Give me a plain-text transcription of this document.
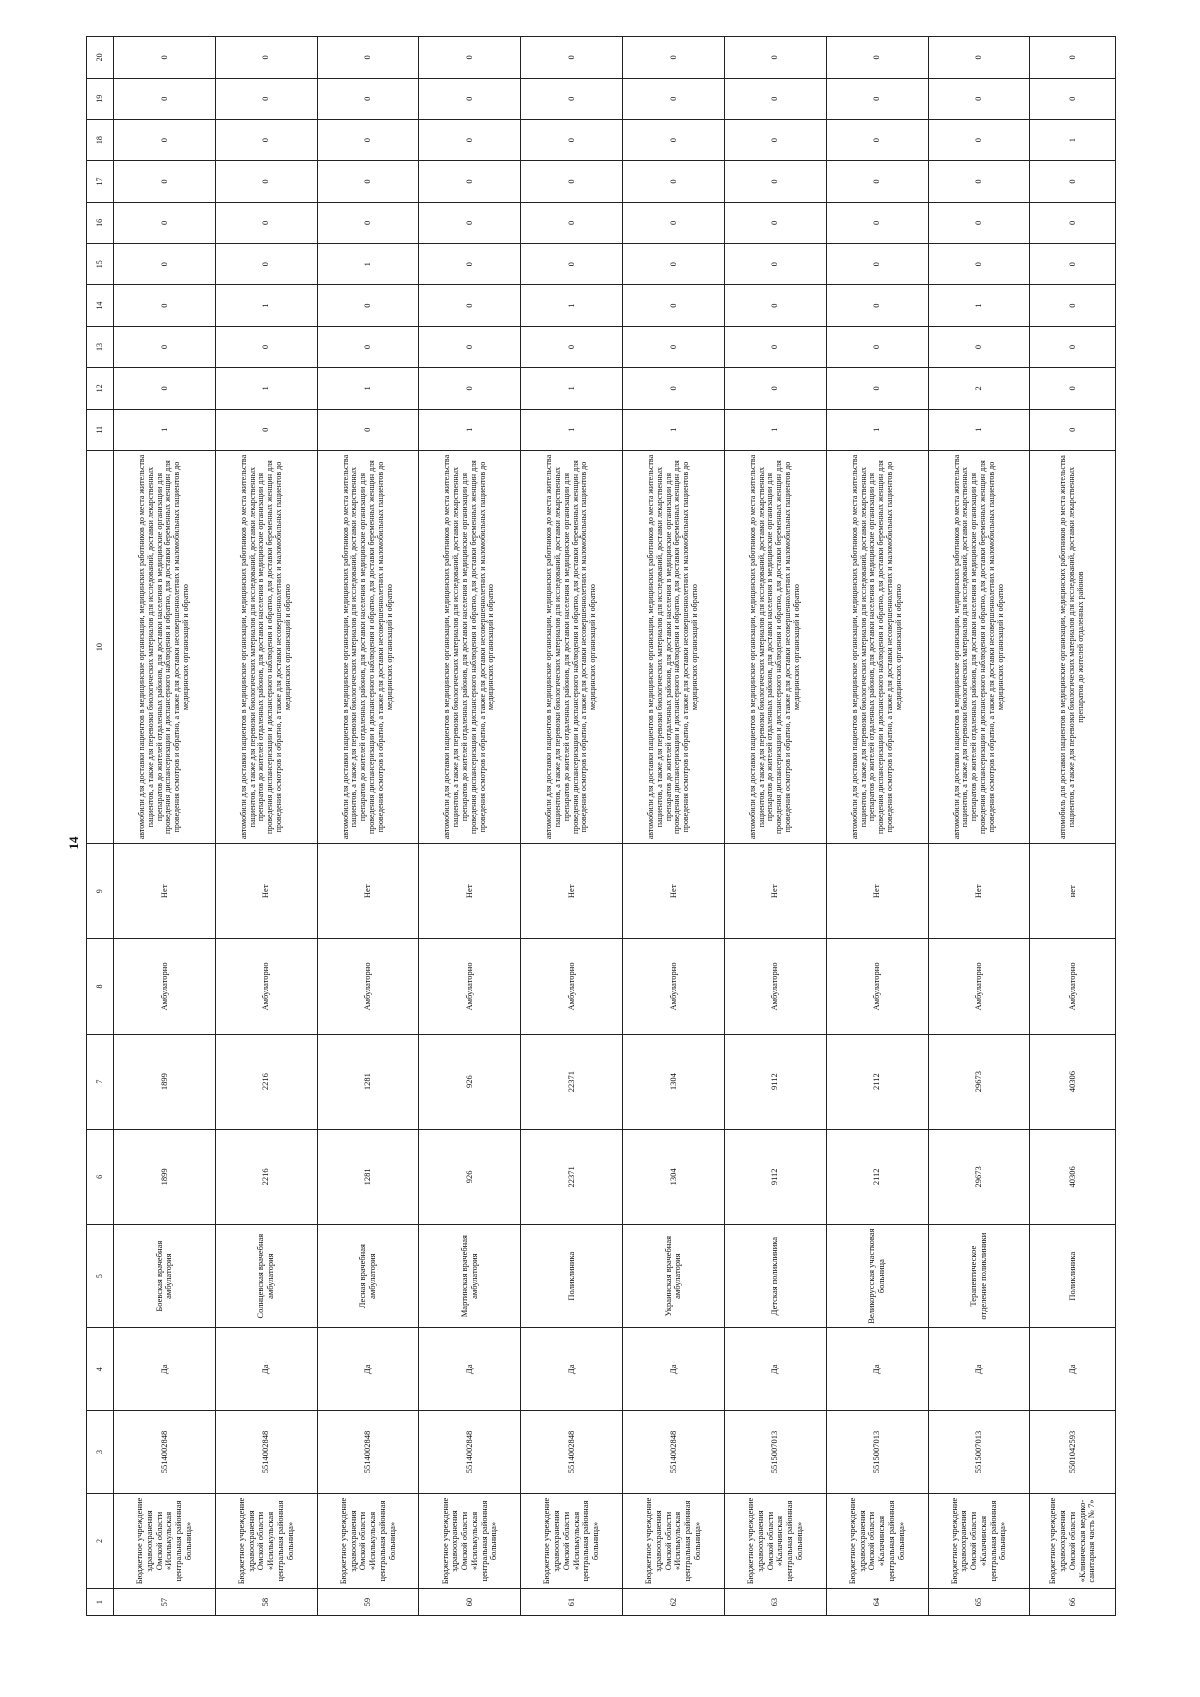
14
1	2	3	4	5	6	7	8	9	10	11	12	13	14	15	16	17	18	19	20
57	Бюджетное учреждение здравоохранения Омской области «Исилькульская центральная районная больница»	5514002848	Да	Боевская врачебная амбулатория	1899	1899	Амбулаторно	Нет	автомобили для доставки пациентов в медицинские организации, медицинских работников до места жительства пациентов, а также для перевозки биологических материалов для исследований, доставки лекарственных препаратов до жителей отдаленных районов, для доставки населения в медицинские организации для проведения диспансеризации и диспансерного наблюдения и обратно, для доставки беременных женщин для проведения осмотров и обратно, а также для доставки несовершеннолетних и маломобильных пациентов до медицинских организаций и обратно	1	0	0	0	0	0	0	0	0	0
58	Бюджетное учреждение здравоохранения Омской области «Исилькульская центральная районная больница»	5514002848	Да	Солнцевская врачебная амбулатория	2216	2216	Амбулаторно	Нет	автомобили для доставки пациентов в медицинские организации, медицинских работников до места жительства пациентов, а также для перевозки биологических материалов для исследований, доставки лекарственных препаратов до жителей отдаленных районов, для доставки населения в медицинские организации для проведения диспансеризации и диспансерного наблюдения и обратно, для доставки беременных женщин для проведения осмотров и обратно, а также для доставки несовершеннолетних и маломобильных пациентов до медицинских организаций и обратно	0	1	0	1	0	0	0	0	0	0
59	Бюджетное учреждение здравоохранения Омской области «Исилькульская центральная районная больница»	5514002848	Да	Лесная врачебная амбулатория	1281	1281	Амбулаторно	Нет	автомобили для доставки пациентов в медицинские организации, медицинских работников до места жительства пациентов, а также для перевозки биологических материалов для исследований, доставки лекарственных препаратов до жителей отдаленных районов, для доставки населения в медицинские организации для проведения диспансеризации и диспансерного наблюдения и обратно, для доставки беременных женщин для проведения осмотров и обратно, а также для доставки несовершеннолетних и маломобильных пациентов до медицинских организаций и обратно	0	1	0	0	1	0	0	0	0	0
60	Бюджетное учреждение здравоохранения Омской области «Исилькульская центральная районная больница»	5514002848	Да	Мартинская врачебная амбулатория	926	926	Амбулаторно	Нет	автомобили для доставки пациентов в медицинские организации, медицинских работников до места жительства пациентов, а также для перевозки биологических материалов для исследований, доставки лекарственных препаратов до жителей отдаленных районов, для доставки населения в медицинские организации для проведения диспансеризации и диспансерного наблюдения и обратно, для доставки беременных женщин для проведения осмотров и обратно, а также для доставки несовершеннолетних и маломобильных пациентов до медицинских организаций и обратно	1	0	0	0	0	0	0	0	0	0
61	Бюджетное учреждение здравоохранения Омской области «Исилькульская центральная районная больница»	5514002848	Да	Поликлиника	22371	22371	Амбулаторно	Нет	автомобили для доставки пациентов в медицинские организации, медицинских работников до места жительства пациентов, а также для перевозки биологических материалов для исследований, доставки лекарственных препаратов до жителей отдаленных районов, для доставки населения в медицинские организации для проведения диспансеризации и диспансерного наблюдения и обратно, для доставки беременных женщин для проведения осмотров и обратно, а также для доставки несовершеннолетних и маломобильных пациентов до медицинских организаций и обратно	1	1	0	1	0	0	0	0	0	0
62	Бюджетное учреждение здравоохранения Омской области «Исилькульская центральная районная больница»	5514002848	Да	Украинская врачебная амбулатория	1304	1304	Амбулаторно	Нет	автомобили для доставки пациентов в медицинские организации, медицинских работников до места жительства пациентов, а также для перевозки биологических материалов для исследований, доставки лекарственных препаратов до жителей отдаленных районов, для доставки населения в медицинские организации для проведения диспансеризации и диспансерного наблюдения и обратно, для доставки беременных женщин для проведения осмотров и обратно, а также для доставки несовершеннолетних и маломобильных пациентов до медицинских организаций и обратно	1	0	0	0	0	0	0	0	0	0
63	Бюджетное учреждение здравоохранения Омской области «Калачинская центральная районная больница»	5515007013	Да	Детская поликлиника	9112	9112	Амбулаторно	Нет	автомобили для доставки пациентов в медицинские организации, медицинских работников до места жительства пациентов, а также для перевозки биологических материалов для исследований, доставки лекарственных препаратов до жителей отдаленных районов, для доставки населения в медицинские организации для проведения диспансеризации и диспансерного наблюдения и обратно, для доставки беременных женщин для проведения осмотров и обратно, а также для доставки несовершеннолетних и маломобильных пациентов до медицинских организаций и обратно	1	0	0	0	0	0	0	0	0	0
64	Бюджетное учреждение здравоохранения Омской области «Калачинская центральная районная больница»	5515007013	Да	Великорусская участковая больница	2112	2112	Амбулаторно	Нет	автомобили для доставки пациентов в медицинские организации, медицинских работников до места жительства пациентов, а также для перевозки биологических материалов для исследований, доставки лекарственных препаратов до жителей отдаленных районов, для доставки населения в медицинские организации для проведения диспансеризации и диспансерного наблюдения и обратно, для доставки беременных женщин для проведения осмотров и обратно, а также для доставки несовершеннолетних и маломобильных пациентов до медицинских организаций и обратно	1	0	0	0	0	0	0	0	0	0
65	Бюджетное учреждение здравоохранения Омской области «Калачинская центральная районная больница»	5515007013	Да	Терапевтическое отделение поликлиники	29673	29673	Амбулаторно	Нет	автомобили для доставки пациентов в медицинские организации, медицинских работников до места жительства пациентов, а также для перевозки биологических материалов для исследований, доставки лекарственных препаратов до жителей отдаленных районов, для доставки населения в медицинские организации для проведения диспансеризации и диспансерного наблюдения и обратно, для доставки беременных женщин для проведения осмотров и обратно, а также для доставки несовершеннолетних и маломобильных пациентов до медицинских организаций и обратно	1	2	0	1	0	0	0	0	0	0
66	Бюджетное учреждение здравоохранения Омской области «Клиническая медико-санитарная часть № 7»	5501042593	Да	Поликлиника	40306	40306	Амбулаторно	нет	автомобиль для доставки пациентов в медицинские организации, медицинских работников до места жительства пациентов, а также для перевозки биологических материалов для исследований, доставки лекарственных препаратов до жителей отдаленных районов	0	0	0	0	0	0	0	1	0	0
